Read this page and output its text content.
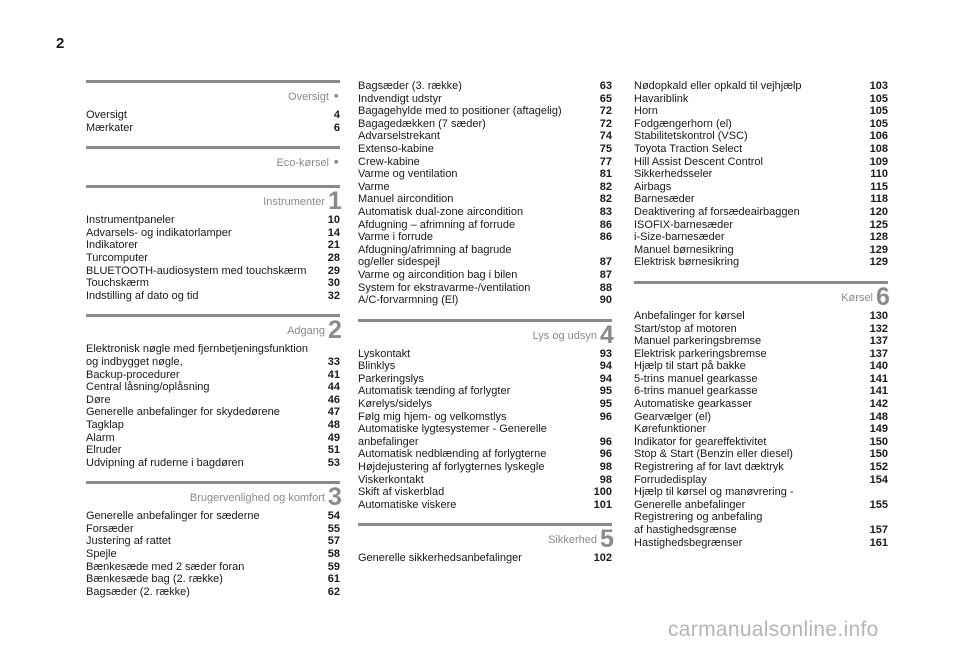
2
Oversigt ■
Oversigt	4
Mærkater	6
Eco-kørsel ■
Instrumenter 1
Instrumentpaneler	10
Advarsels- og indikatorlamper	14
Indikatorer	21
Turcomputer	28
BLUETOOTH-audiosystem med touchskærm	29
Touchskærm	30
Indstilling af dato og tid	32
Adgang 2
Elektronisk nøgle med fjernbetjeningsfunktion
og indbygget nøgle,	33
Backup-procedurer	41
Central låsning/oplåsning	44
Døre	46
Generelle anbefalinger for skydedørene	47
Tagklap	48
Alarm	49
Elruder	51
Udvipning af ruderne i bagdøren	53
Brugervenlighed og komfort 3
Generelle anbefalinger for sæderne	54
Forsæder	55
Justering af rattet	57
Spejle	58
Bænkesæde med 2 sæder foran	59
Bænkesæde bag (2. række)	61
Bagsæder (2. række)	62
Bagsæder (3. række)	63
Indvendigt udstyr	65
Bagagehylde med to positioner (aftagelig)	72
Bagagedækken (7 sæder)	72
Advarselstrekant	74
Extenso-kabine	75
Crew-kabine	77
Varme og ventilation	81
Varme	82
Manuel aircondition	82
Automatisk dual-zone aircondition	83
Afdugning – afrimning af forrude	86
Varme i forrude	86
Afdugning/afrimning af bagrude
og/eller sidespejl	87
Varme og aircondition bag i bilen	87
System for ekstravarme-/ventilation	88
A/C-forvarmning (El)	90
Lys og udsyn 4
Lyskontakt	93
Blinklys	94
Parkeringslys	94
Automatisk tænding af forlygter	95
Kørelys/sidelys	95
Følg mig hjem- og velkomstlys	96
Automatiske lygtesystemer - Generelle
anbefalinger	96
Automatisk nedblænding af forlygterne	96
Højdejustering af forlygternes lyskegle	98
Viskerkontakt	98
Skift af viskerblad	100
Automatiske viskere	101
Sikkerhed 5
Generelle sikkerhedsanbefalinger	102
Nødopkald eller opkald til vejhjælp	103
Havariblink	105
Horn	105
Fodgængerhorn (el)	105
Stabilitetskontrol (VSC)	106
Toyota Traction Select	108
Hill Assist Descent Control	109
Sikkerhedsseler	110
Airbags	115
Barnesæder	118
Deaktivering af forsædeairbaggen	120
ISOFIX-barnesæder	125
i-Size-barnesæder	128
Manuel børnesikring	129
Elektrisk børnesikring	129
Kørsel 6
Anbefalinger for kørsel	130
Start/stop af motoren	132
Manuel parkeringsbremse	137
Elektrisk parkeringsbremse	137
Hjælp til start på bakke	140
5-trins manuel gearkasse	141
6-trins manuel gearkasse	141
Automatiske gearkasser	142
Gearvælger (el)	148
Kørefunktioner	149
Indikator for geareffektivitet	150
Stop & Start (Benzin eller diesel)	150
Registrering af for lavt dæktryk	152
Forrudedisplay	154
Hjælp til kørsel og manøvrering -
Generelle anbefalinger	155
Registrering og anbefaling
af hastighedsgrænse	157
Hastighedsbegrænser	161
carmanualsonline.info
